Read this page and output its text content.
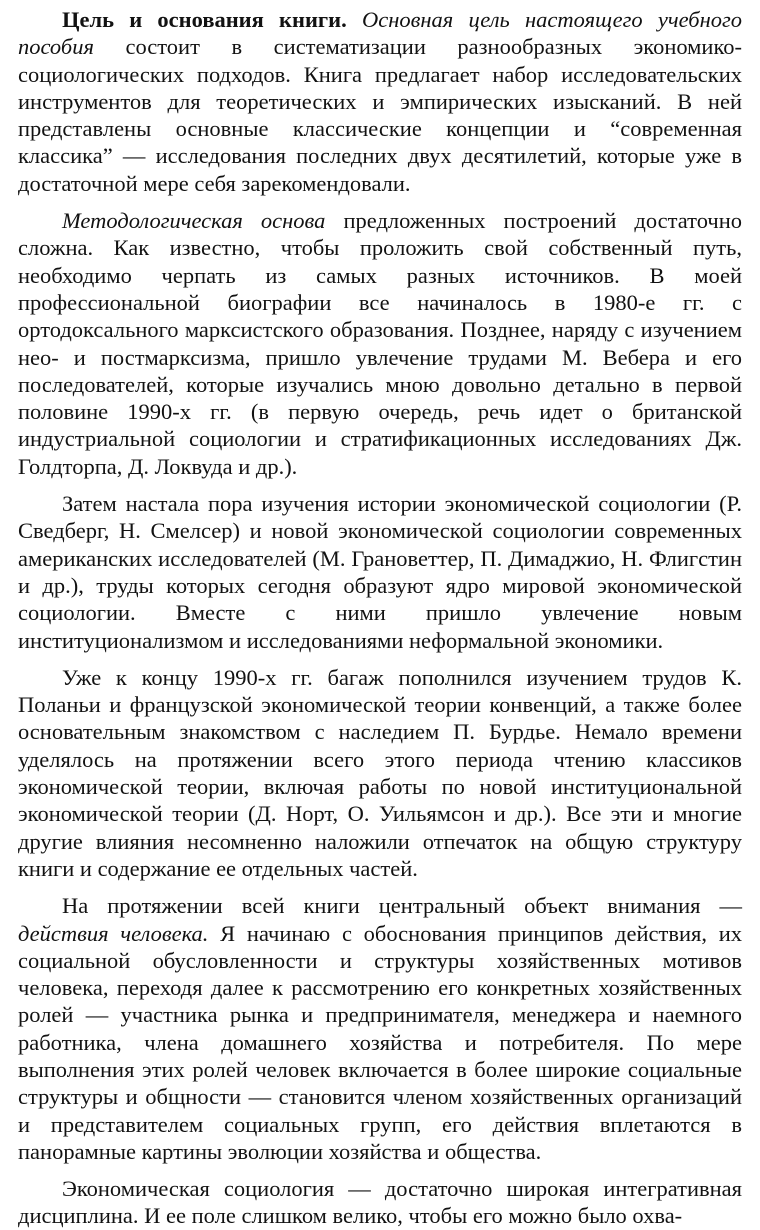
Цель и основания книги. Основная цель настоящего учебного пособия состоит в систематизации разнообразных экономико-социологических подходов. Книга предлагает набор исследовательских инструментов для теоретических и эмпирических изысканий. В ней представлены основные классические концепции и “современная классика” — исследования последних двух десятилетий, которые уже в достаточной мере себя зарекомендовали.

Методологическая основа предложенных построений достаточно сложна. Как известно, чтобы проложить свой собственный путь, необходимо черпать из самых разных источников. В моей профессиональной биографии все начиналось в 1980-е гг. с ортодоксального марксистского образования. Позднее, наряду с изучением нео- и постмарксизма, пришло увлечение трудами М. Вебера и его последователей, которые изучались мною довольно детально в первой половине 1990-х гг. (в первую очередь, речь идет о британской индустриальной социологии и стратификационных исследованиях Дж. Голдторпа, Д. Локвуда и др.).

Затем настала пора изучения истории экономической социологии (Р. Сведберг, Н. Смелсер) и новой экономической социологии современных американских исследователей (М. Грановеттер, П. Димаджио, Н. Флигстин и др.), труды которых сегодня образуют ядро мировой экономической социологии. Вместе с ними пришло увлечение новым институционализмом и исследованиями неформальной экономики.

Уже к концу 1990-х гг. багаж пополнился изучением трудов К. Поланьи и французской экономической теории конвенций, а также более основательным знакомством с наследием П. Бурдье. Немало времени уделялось на протяжении всего этого периода чтению классиков экономической теории, включая работы по новой институциональной экономической теории (Д. Норт, О. Уильямсон и др.). Все эти и многие другие влияния несомненно наложили отпечаток на общую структуру книги и содержание ее отдельных частей.

На протяжении всей книги центральный объект внимания — действия человека. Я начинаю с обоснования принципов действия, их социальной обусловленности и структуры хозяйственных мотивов человека, переходя далее к рассмотрению его конкретных хозяйственных ролей — участника рынка и предпринимателя, менеджера и наемного работника, члена домашнего хозяйства и потребителя. По мере выполнения этих ролей человек включается в более широкие социальные структуры и общности — становится членом хозяйственных организаций и представителем социальных групп, его действия вплетаются в панорамные картины эволюции хозяйства и общества.

Экономическая социология — достаточно широкая интегративная дисциплина. И ее поле слишком велико, чтобы его можно было охва-
